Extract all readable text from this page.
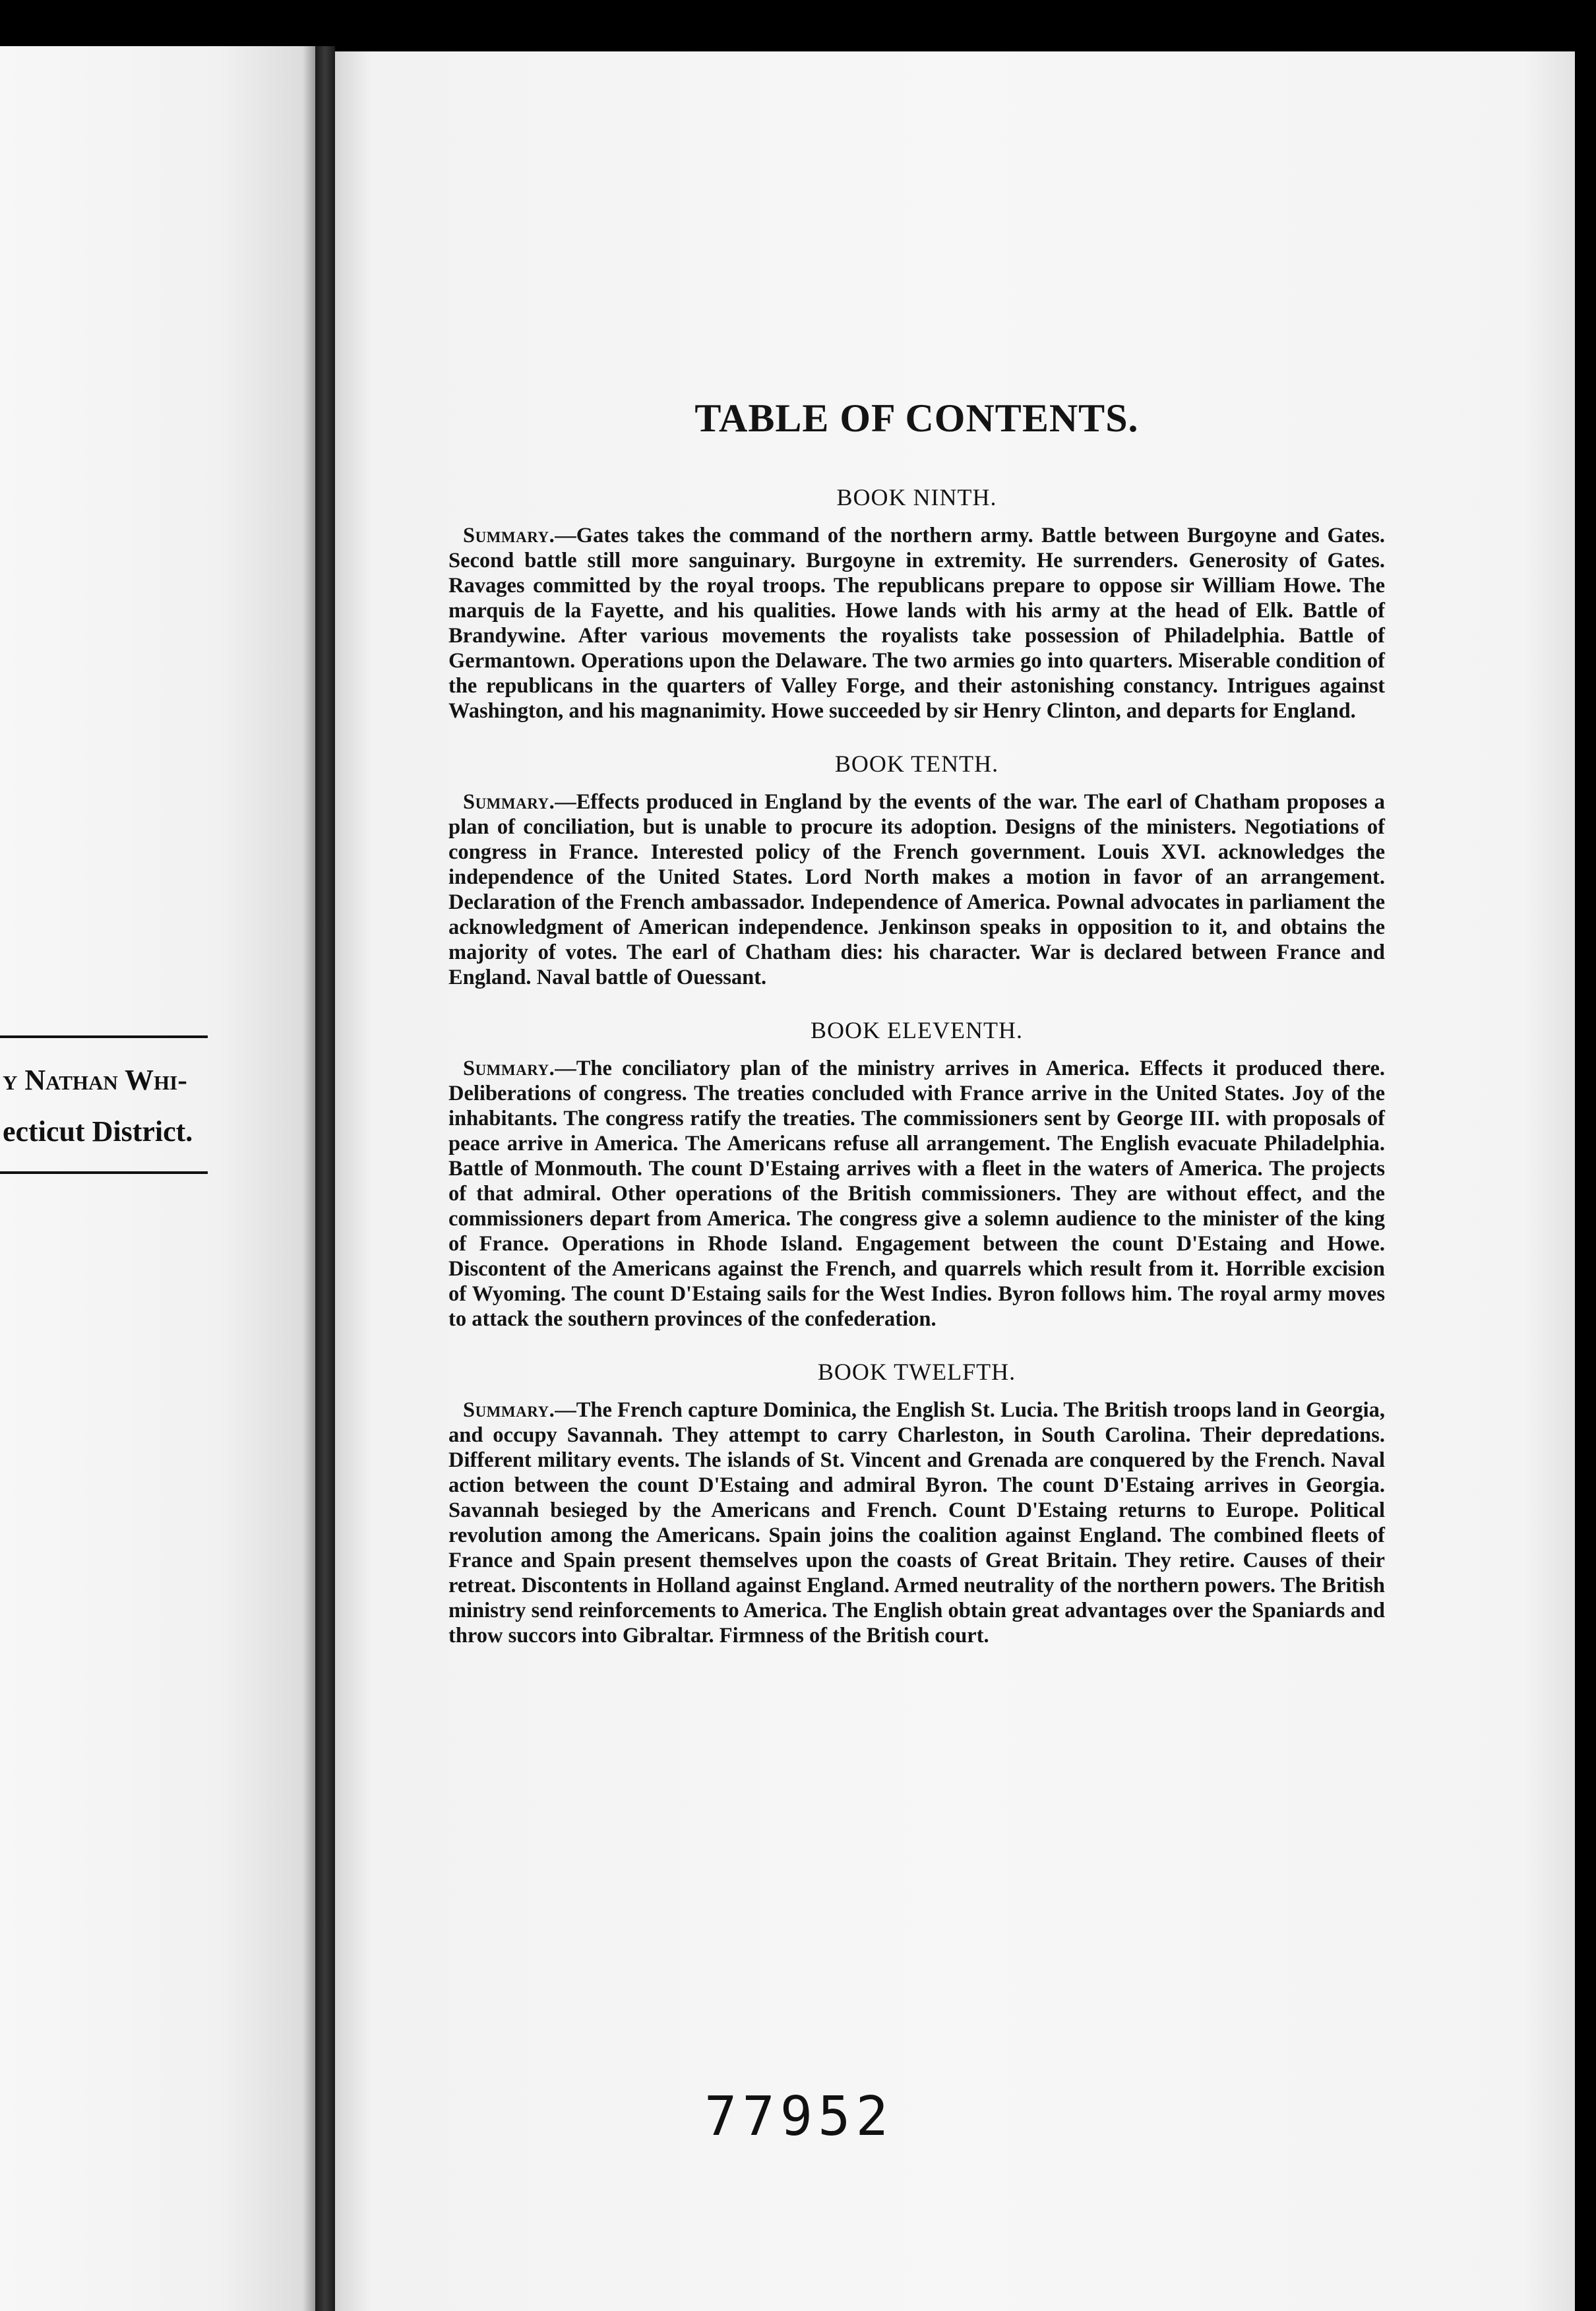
y Nathan Whi-
ecticut District.
TABLE OF CONTENTS.
BOOK NINTH.

Summary.—Gates takes the command of the northern army. Battle between Burgoyne and Gates. Second battle still more sanguinary. Burgoyne in extremity. He surrenders. Generosity of Gates. Ravages committed by the royal troops. The republicans prepare to oppose sir William Howe. The marquis de la Fayette, and his qualities. Howe lands with his army at the head of Elk. Battle of Brandywine. After various movements the royalists take possession of Philadelphia. Battle of Germantown. Operations upon the Delaware. The two armies go into quarters. Miserable condition of the republicans in the quarters of Valley Forge, and their astonishing constancy. Intrigues against Washington, and his magnanimity. Howe succeeded by sir Henry Clinton, and departs for England.

BOOK TENTH.

Summary.—Effects produced in England by the events of the war. The earl of Chatham proposes a plan of conciliation, but is unable to procure its adoption. Designs of the ministers. Negotiations of congress in France. Interested policy of the French government. Louis XVI. acknowledges the independence of the United States. Lord North makes a motion in favor of an arrangement. Declaration of the French ambassador. Independence of America. Pownal advocates in parliament the acknowledgment of American independence. Jenkinson speaks in opposition to it, and obtains the majority of votes. The earl of Chatham dies: his character. War is declared between France and England. Naval battle of Ouessant.

BOOK ELEVENTH.

Summary.—The conciliatory plan of the ministry arrives in America. Effects it produced there. Deliberations of congress. The treaties concluded with France arrive in the United States. Joy of the inhabitants. The congress ratify the treaties. The commissioners sent by George III. with proposals of peace arrive in America. The Americans refuse all arrangement. The English evacuate Philadelphia. Battle of Monmouth. The count D'Estaing arrives with a fleet in the waters of America. The projects of that admiral. Other operations of the British commissioners. They are without effect, and the commissioners depart from America. The congress give a solemn audience to the minister of the king of France. Operations in Rhode Island. Engagement between the count D'Estaing and Howe. Discontent of the Americans against the French, and quarrels which result from it. Horrible excision of Wyoming. The count D'Estaing sails for the West Indies. Byron follows him. The royal army moves to attack the southern provinces of the confederation.

BOOK TWELFTH.

Summary.—The French capture Dominica, the English St. Lucia. The British troops land in Georgia, and occupy Savannah. They attempt to carry Charleston, in South Carolina. Their depredations. Different military events. The islands of St. Vincent and Grenada are conquered by the French. Naval action between the count D'Estaing and admiral Byron. The count D'Estaing arrives in Georgia. Savannah besieged by the Americans and French. Count D'Estaing returns to Europe. Political revolution among the Americans. Spain joins the coalition against England. The combined fleets of France and Spain present themselves upon the coasts of Great Britain. They retire. Causes of their retreat. Discontents in Holland against England. Armed neutrality of the northern powers. The British ministry send reinforcements to America. The English obtain great advantages over the Spaniards and throw succors into Gibraltar. Firmness of the British court.

77952
